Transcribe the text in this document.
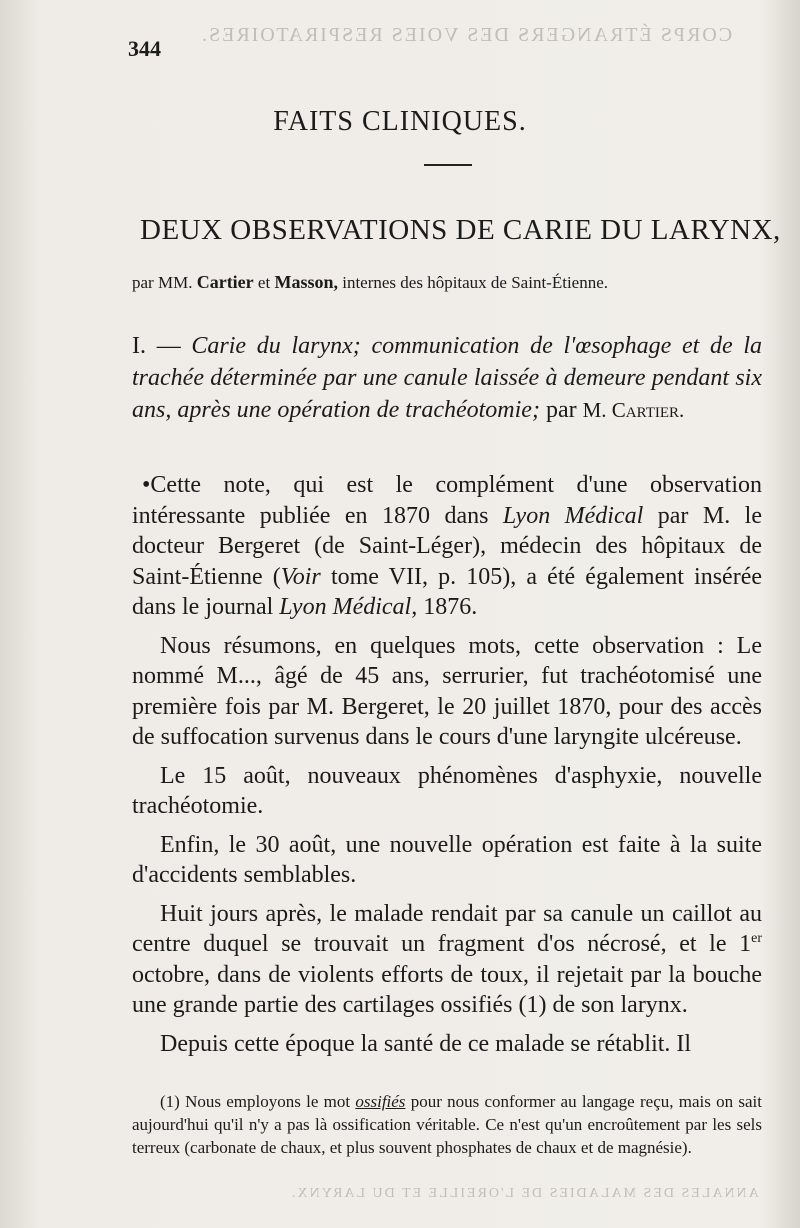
CORPS ÉTRANGERS DES VOIES RESPIRATOIRES.
ANNALES DES MALADIES DE L'OREILLE ET DU LARYNX.
344
FAITS CLINIQUES.
DEUX OBSERVATIONS DE CARIE DU LARYNX,
par MM. Cartier et Masson, internes des hôpitaux de Saint-Étienne.
I. — Carie du larynx; communication de l'œsophage et de la trachée déterminée par une canule laissée à demeure pendant six ans, après une opération de trachéotomie; par M. Cartier.

•Cette note, qui est le complément d'une observation intéressante publiée en 1870 dans Lyon Médical par M. le docteur Bergeret (de Saint-Léger), médecin des hôpitaux de Saint-Étienne (Voir tome VII, p. 105), a été également insérée dans le journal Lyon Médical, 1876.

Nous résumons, en quelques mots, cette observation : Le nommé M..., âgé de 45 ans, serrurier, fut trachéotomisé une première fois par M. Bergeret, le 20 juillet 1870, pour des accès de suffocation survenus dans le cours d'une laryngite ulcéreuse.

Le 15 août, nouveaux phénomènes d'asphyxie, nouvelle trachéotomie.

Enfin, le 30 août, une nouvelle opération est faite à la suite d'accidents semblables.

Huit jours après, le malade rendait par sa canule un caillot au centre duquel se trouvait un fragment d'os nécrosé, et le 1er octobre, dans de violents efforts de toux, il rejetait par la bouche une grande partie des cartilages ossifiés (1) de son larynx.

Depuis cette époque la santé de ce malade se rétablit. Il

(1) Nous employons le mot ossifiés pour nous conformer au langage reçu, mais on sait aujourd'hui qu'il n'y a pas là ossification véritable. Ce n'est qu'un encroûtement par les sels terreux (carbonate de chaux, et plus souvent phosphates de chaux et de magnésie).
